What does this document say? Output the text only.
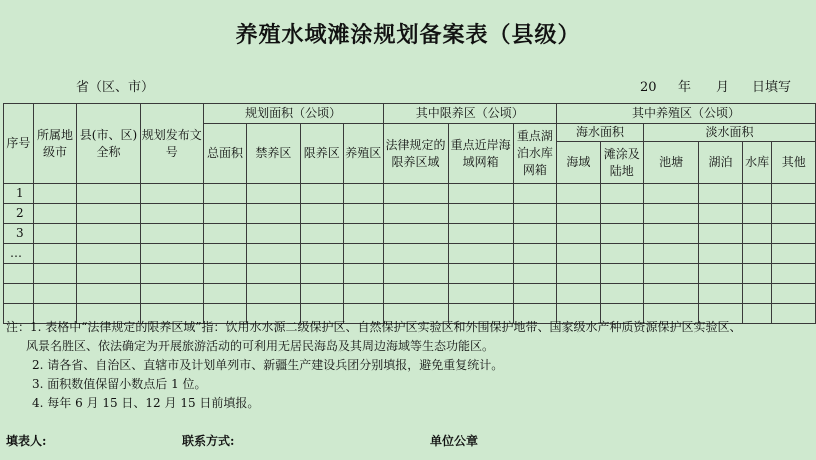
养殖水域滩涂规划备案表（县级）
省（区、市）	20 年 月 日填写
序号	所属地级市	县(市、区)全称	规划发布文号	规划面积（公顷）				其中限养区（公顷）			其中养殖区（公顷）					
				总面积	禁养区	限养区	养殖区	法律规定的限养区域	重点近岸海域网箱	重点湖泊水库网箱	海水面积		淡水面积			
											海域	滩涂及陆地	池塘	湖泊	水库	其他
1																
2																
3																
…																

注：1. 表格中“法律规定的限养区域”指：饮用水水源二级保护区、自然保护区实验区和外围保护地带、国家级水产种质资源保护区实验区、
风景名胜区、依法确定为开展旅游活动的可利用无居民海岛及其周边海域等生态功能区。
2. 请各省、自治区、直辖市及计划单列市、新疆生产建设兵团分别填报，避免重复统计。
3. 面积数值保留小数点后 1 位。
4. 每年 6 月 15 日、12 月 15 日前填报。
填表人:	联系方式:	单位公章
